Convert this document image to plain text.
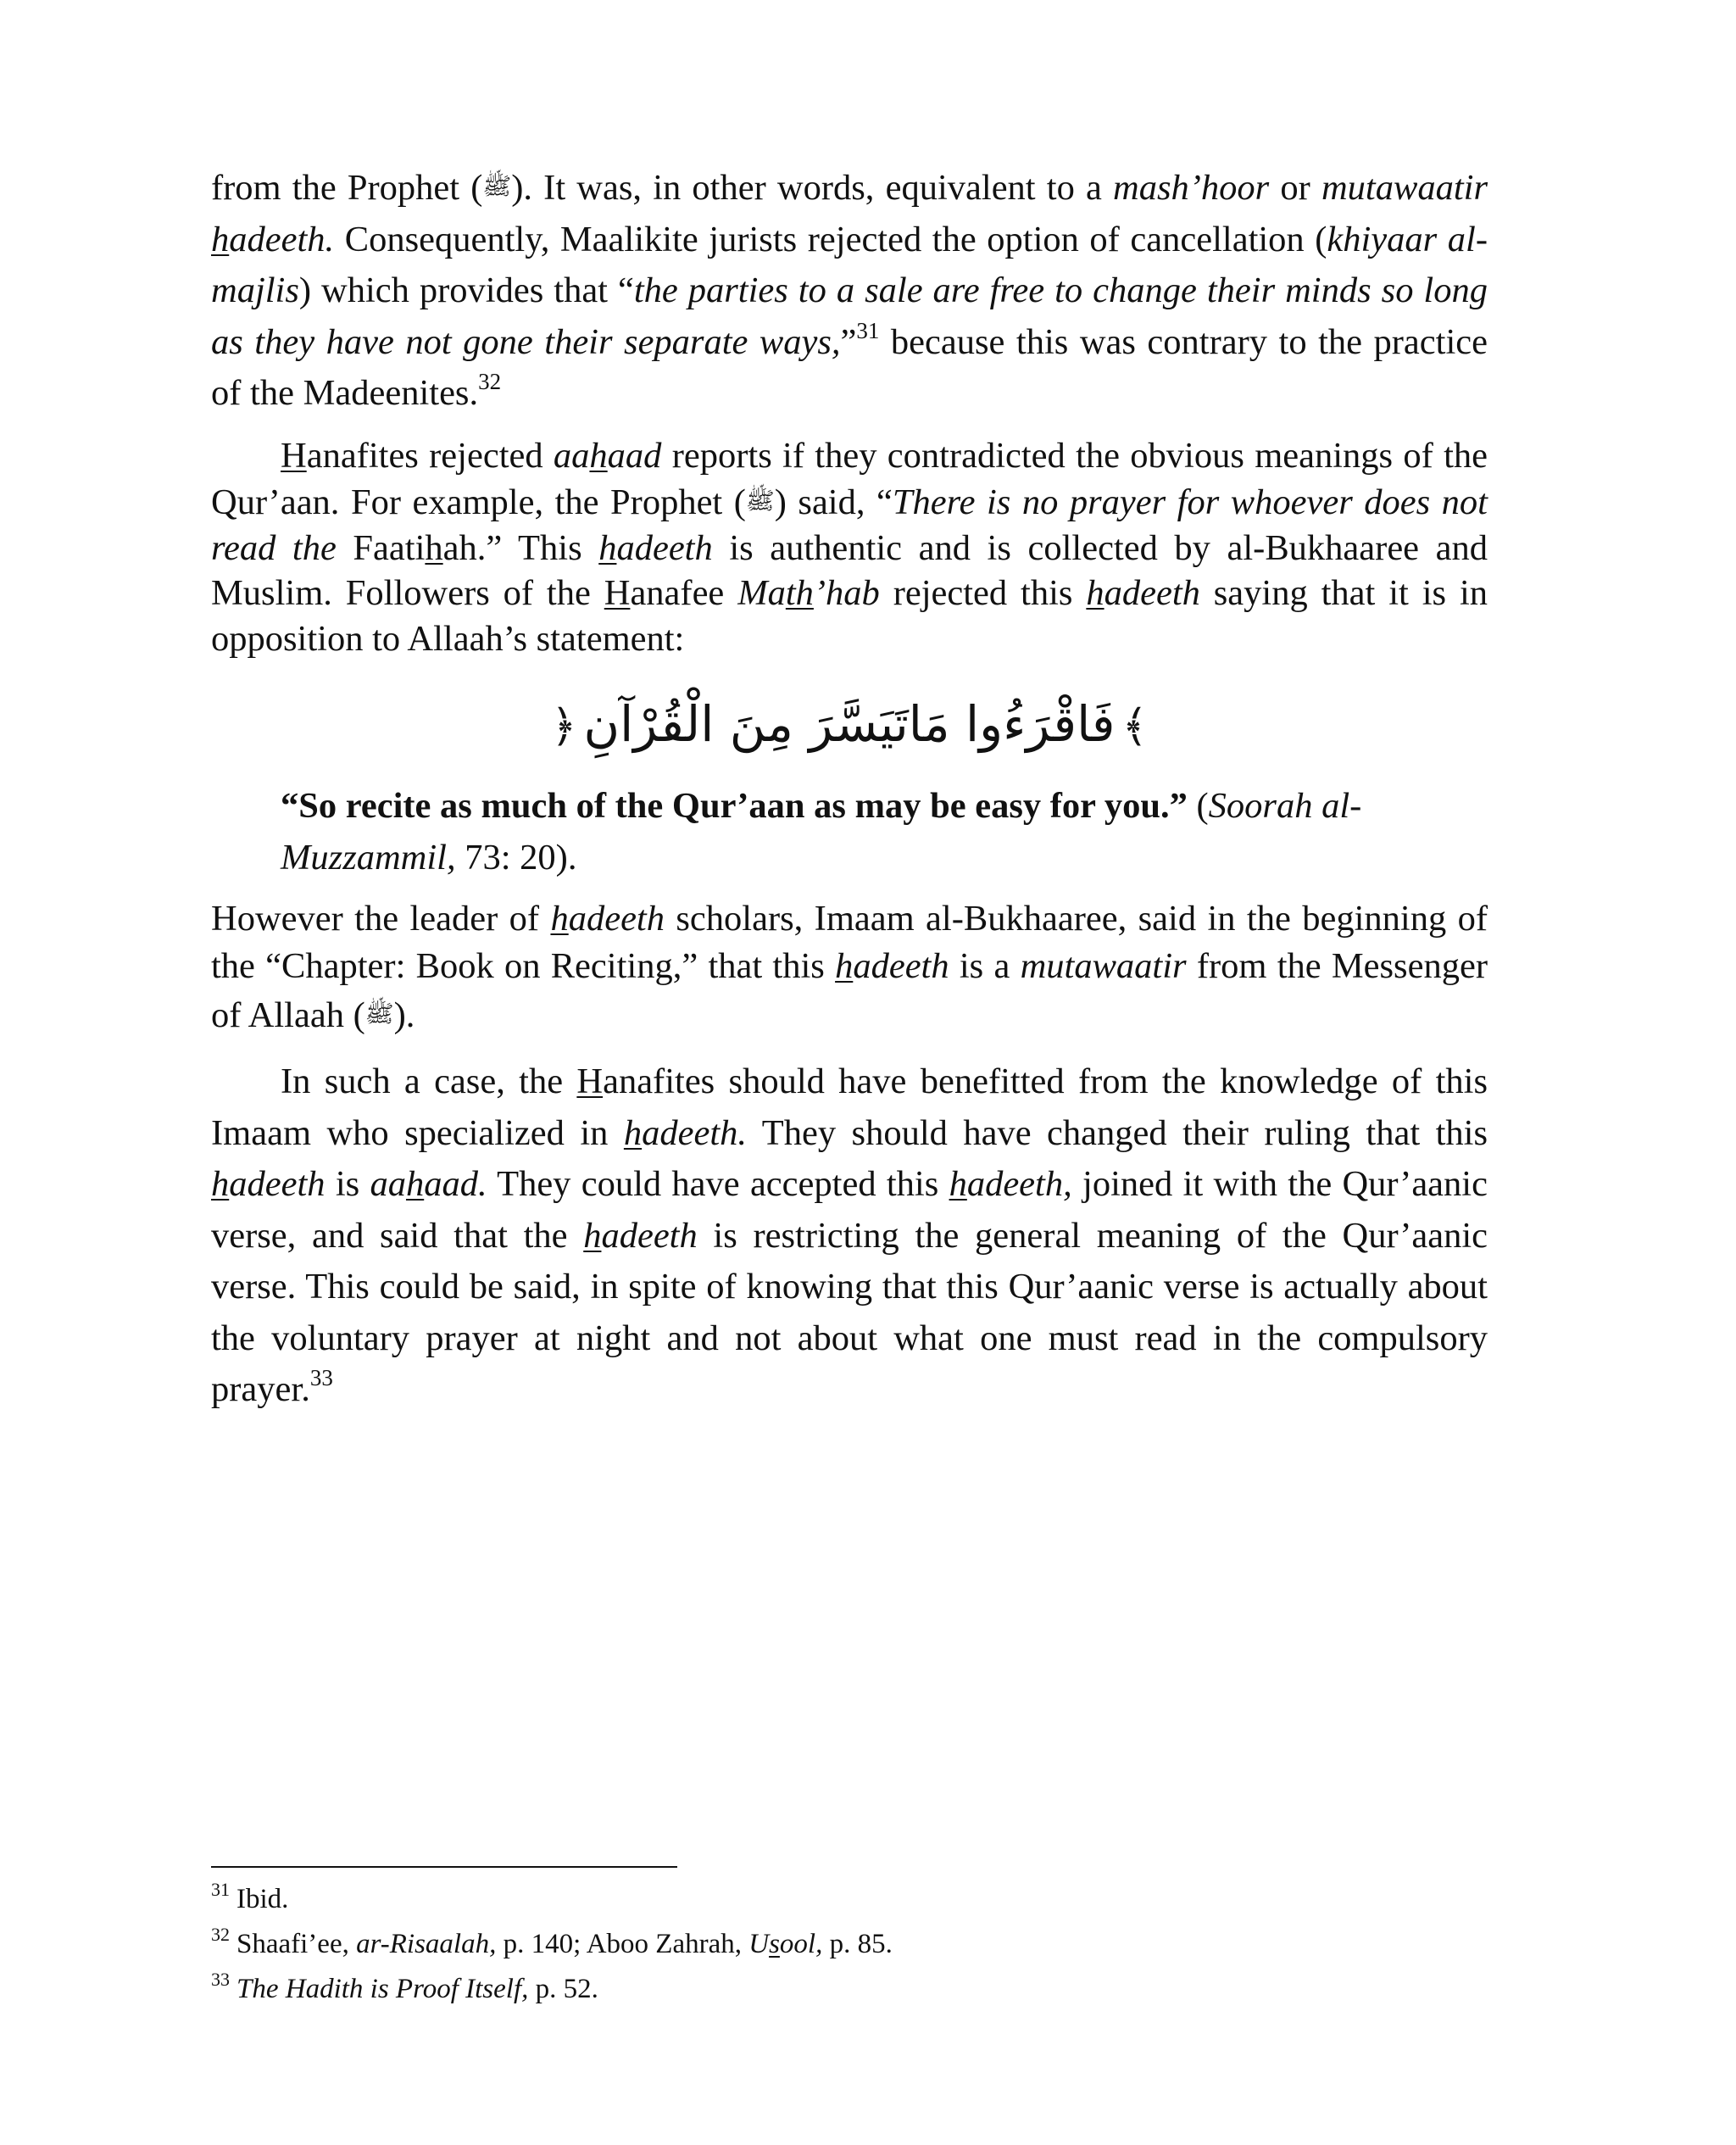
from the Prophet (ﷺ). It was, in other words, equivalent to a mash’hoor or mutawaatir hadeeth. Consequently, Maalikite jurists rejected the option of cancellation (khiyaar al-majlis) which provides that “the parties to a sale are free to change their minds so long as they have not gone their separate ways,”$^{31}$ because this was contrary to the practice of the Madeenites.$^{32}$

Hanafites rejected aahaad reports if they contradicted the obvious meanings of the Qur’aan. For example, the Prophet (ﷺ) said, “There is no prayer for whoever does not read the Faatihah.” This hadeeth is authentic and is collected by al-Bukhaaree and Muslim. Followers of the Hanafee Math’hab rejected this hadeeth saying that it is in opposition to Allaah’s statement:

﴾فَاقْرَءُوا مَاتَيَسَّرَ مِنَ الْقُرْآنِ﴿

“So recite as much of the Qur’aan as may be easy for you.” (Soorah al-Muzzammil, 73: 20).

However the leader of hadeeth scholars, Imaam al-Bukhaaree, said in the beginning of the “Chapter: Book on Reciting,” that this hadeeth is a mutawaatir from the Messenger of Allaah (ﷺ).

In such a case, the Hanafites should have benefitted from the knowledge of this Imaam who specialized in hadeeth. They should have changed their ruling that this hadeeth is aahaad. They could have accepted this hadeeth, joined it with the Qur’aanic verse, and said that the hadeeth is restricting the general meaning of the Qur’aanic verse. This could be said, in spite of knowing that this Qur’aanic verse is actually about the voluntary prayer at night and not about what one must read in the compulsory prayer.$^{33}$

$^{31}$ Ibid.

$^{32}$ Shaafi’ee, ar-Risaalah, p. 140; Aboo Zahrah, Usool, p. 85.

$^{33}$ The Hadith is Proof Itself, p. 52.
